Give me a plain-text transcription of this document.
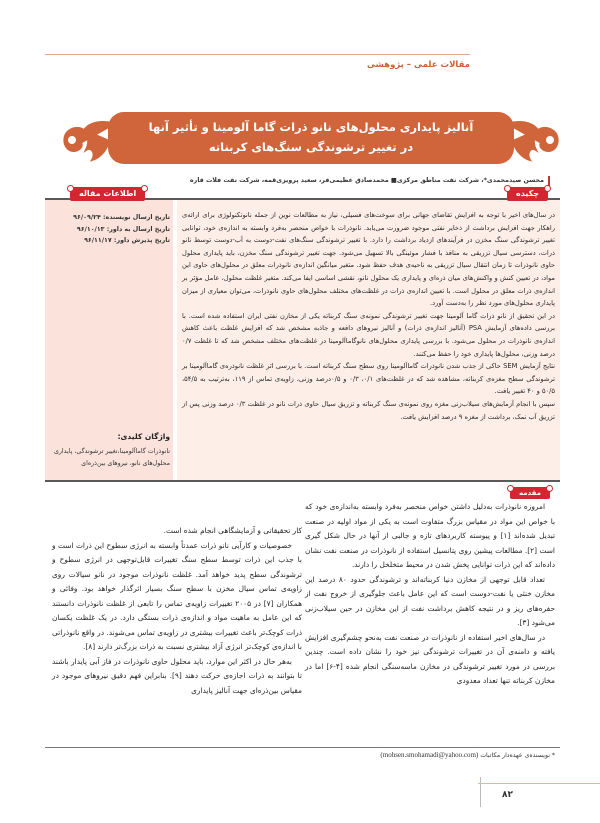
مقالات علمی – پژوهشی
آنالیز پایداری محلول‌های نانو ذرات گاما آلومینا و تأثیر آنها
در تغییر ترشوندگی سنگ‌های کربناته
محسن صیدمحمدی*، شرکت نفت مناطق مرکزی■ محمدصادق عظیمی‌فر، سعید پرویزی‌قمه، شرکت نفت فلات قاره
چکیده
اطلاعات مقاله

در سال‌های اخیر با توجه به افزایش تقاضای جهانی برای سوخت‌های فسیلی، نیاز به مطالعات نوین از جمله نانوتکنولوژی برای ارائه‌ی راهکار جهت افزایش برداشت از ذخایر نفتی موجود ضرورت می‌یابد. نانوذرات با خواص منحصر به‌فرد وابسته به اندازه‌ی خود، توانایی تغییر ترشوندگی سنگ مخزن در فرآیندهای ازدیاد برداشت را دارد. با تغییر ترشوندگی سنگ‌های نفت-دوست به آب-دوست توسط نانو ذرات، دسترسی سیال تزریقی به منافذ با فشار موئینگی بالا تسهیل می‌شود. جهت تغییر ترشوندگی سنگ مخزن، باید پایداری محلول حاوی نانوذرات تا زمان انتقال سیال تزریقی به ناحیه‌ی هدف حفظ شود. متغیر میانگین اندازه‌ی نانوذرات معلق در محلول‌های حاوی این مواد، در تعیین کنش و واکنش‌های میان ذره‌ای و پایداری یک محلول نانو، نقشی اساسی ایفا می‌کند. متغیر غلظت محلول، عامل مؤثر بر اندازه‌ی ذرات معلق در محلول است. با تعیین اندازه‌ی ذرات در غلظت‌های مختلف محلول‌های حاوی نانوذرات، می‌توان معیاری از میزان پایداری محلول‌های مورد نظر را به‌دست آورد.

در این تحقیق از نانو ذرات گاما آلومینا جهت تغییر ترشوندگی نمونه‌ی سنگ کربناته یکی از مخازن نفتی ایران استفاده شده است. با بررسی داده‌های آزمایش PSA (آنالیز اندازه‌ی ذرات) و آنالیز نیروهای دافعه و جاذبه مشخص شد که افزایش غلظت باعث کاهش اندازه‌ی نانوذرات در محلول می‌شود. با بررسی پایداری محلول‌های نانوگاماآلومینا در غلظت‌های مختلف مشخص شد که تا غلظت ۰/۷ درصد وزنی، محلول‌ها پایداری خود را حفظ می‌کنند.

نتایج آزمایش SEM حاکی از جذب شدن نانوذرات گاماآلومینا روی سطح سنگ کربناته است. با بررسی اثر غلظت نانوذره‌ی گاماآلومینا بر ترشوندگی سطح مغزه‌ی کربناته، مشاهده شد که در غلظت‌های ۰/۱، ۰/۳ و ۰/۵درصد وزنی، زاویه‌ی تماس از ۱۱۹، به‌ترتیب به ۵۴/۵، ۵۰/۵ و ۴۰ تغییر یافت.

سپس با انجام آزمایش‌های سیلاب‌زنی مغزه روی نمونه‌ی سنگ کربناته و تزریق سیال حاوی ذرات نانو در غلظت ۰/۳ درصد وزنی پس از تزریق آب نمک، برداشت از مغزه ۹ درصد افزایش یافت.

تاریخ ارسال نویسنده: ۹۶/۰۹/۲۴
تاریخ ارسال به داور: ۹۶/۱۰/۱۳
تاریخ پذیرش داور: ۹۶/۱۱/۱۷
واژگان کلیدی:
نانوذرات گاماآلومینا،تغییر ترشوندگی، پایداری محلول‌های نانو، نیروهای بین‌ذره‌ای
مقدمه

امروزه نانوذرات به‌دلیل داشتن خواص منحصر به‌فرد وابسته به‌اندازه‌ی خود که با خواص این مواد در مقیاس بزرگ متفاوت است به یکی از مواد اولیه در صنعت تبدیل شده‌اند [۱] و پیوسته کاربردهای تازه و جالبی از آنها در حال شکل گیری است [۲]. مطالعات پیشین روی پتانسیل استفاده از نانوذرات در صنعت نفت نشان داده‌اند که این ذرات توانایی پخش شدن در محیط متخلخل را دارند.

تعداد قابل توجهی از مخازن دنیا کربناته‌اند و ترشوندگی حدود ۸۰ درصد این مخازن خنثی یا نفت-دوست است که این عامل باعث جلوگیری از خروج نفت از حفره‌های ریز و در نتیجه کاهش برداشت نفت از این مخازن در حین سیلاب‌زنی می‌شود [۳].

در سال‌های اخیر استفاده از نانوذرات در صنعت نفت به‌نحو چشم‌گیری افزایش یافته و دامنه‌ی آن در تغییرات ترشوندگی نیز خود را نشان داده است. چندین بررسی در مورد تغییر ترشوندگی در مخازن ماسه‌سنگی انجام شده [۴-۶] اما در مخازن کربناته تنها تعداد معدودی

کار تحقیقاتی و آزمایشگاهی انجام شده است.

خصوصیات و کارآیی نانو ذرات عمدتاً وابسته به انرژی سطوح این ذرات است و با جذب این ذرات توسط سطح سنگ تغییرات قابل‌توجهی در انرژی سطوح و ترشوندگی سطح پدید خواهد آمد. غلظت نانوذرات موجود در نانو سیالات روی زاویه‌ی تماس سیال مخزن با سطح سنگ بسیار اثرگذار خواهد بود. وفائی و همکاران [۷] در ۲۰۰۵ تغییرات زاویه‌ی تماس را تابعی از غلظت نانوذرات دانستند که این عامل به ماهیت مواد و اندازه‌ی ذرات بستگی دارد. در یک غلظت یکسان ذرات کوچک‌تر باعث تغییرات بیشتری در زاویه‌ی تماس می‌شوند. در واقع نانوذراتی با اندازه‌ی کوچک‌تر انرژی آزاد بیشتری نسبت به ذرات بزرگ‌تر دارند [۸].

به‌هر حال در اکثر این موارد، باید محلول حاوی نانوذرات در فاز آبی پایدار باشند تا بتوانند به ذرات اجازه‌ی حرکت دهند [۹]. بنابراین فهم دقیق نیروهای موجود در مقیاس بین‌ذره‌ای جهت آنالیز پایداری

* نویسنده‌ی عهده‌دار مکاتبات (mohsen.smohamadi@yahoo.com)
۸۲
